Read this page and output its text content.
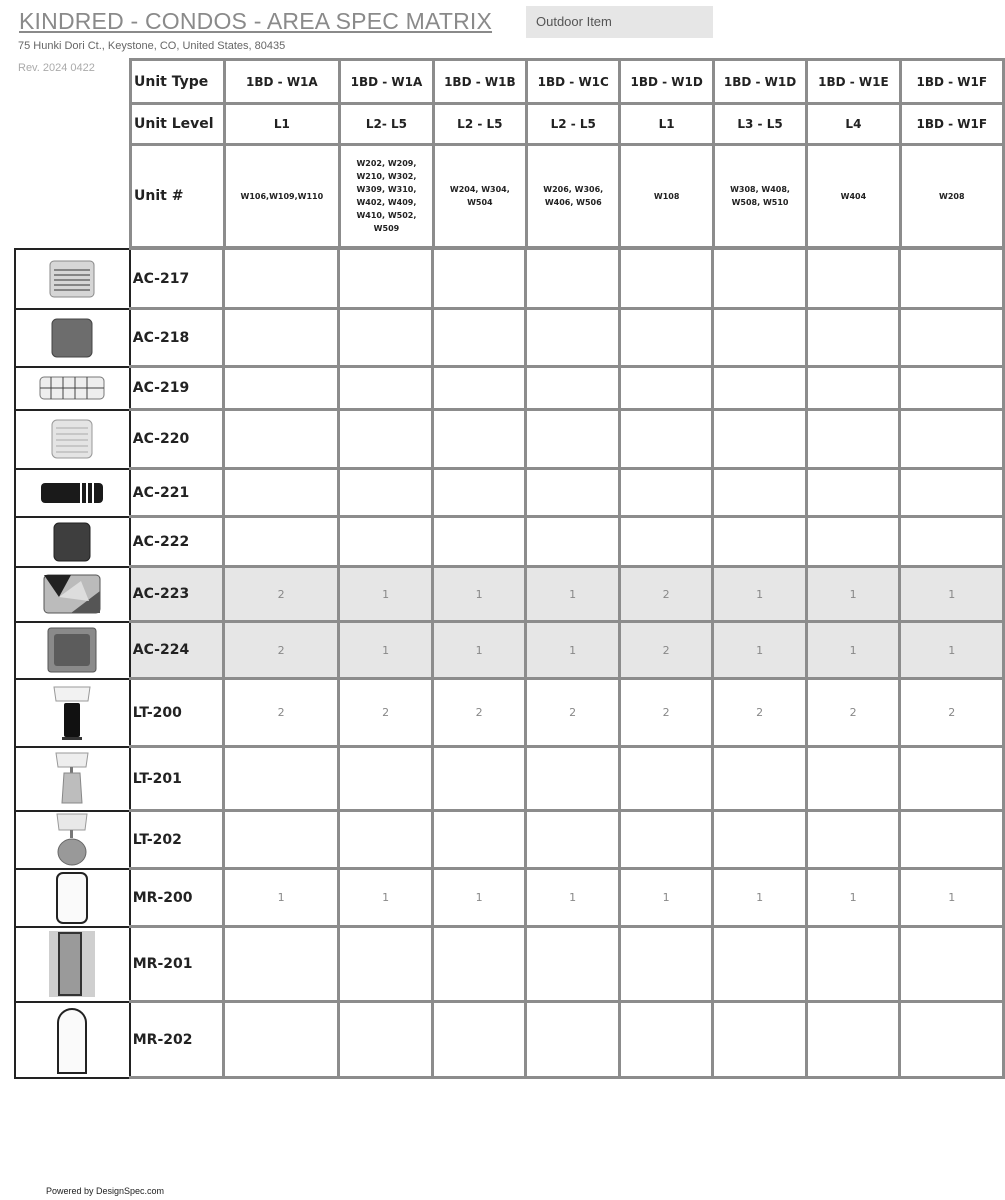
KINDRED - CONDOS - AREA SPEC MATRIX
75 Hunki Dori Ct., Keystone, CO, United States, 80435
Rev. 2024 0422
Outdoor Item
Unit Type	1BD - W1A	1BD - W1A	1BD - W1B	1BD - W1C	1BD - W1D	1BD - W1D	1BD - W1E	1BD - W1F
Unit Level	L1	L2- L5	L2 - L5	L2 - L5	L1	L3 - L5	L4	1BD - W1F
Unit #	W106,W109,W110	W202, W209, W210, W302, W309, W310, W402, W409, W410, W502, W509	W204, W304, W504	W206, W306, W406, W506	W108	W308, W408, W508, W510	W404	W208
	AC-217								

	AC-218								

	AC-219								

	AC-220								

	AC-221								

	AC-222								

	AC-223	2	1	1	1	2	1	1	1

	AC-224	2	1	1	1	2	1	1	1

	LT-200	2	2	2	2	2	2	2	2

	LT-201								

	LT-202								

	MR-200	1	1	1	1	1	1	1	1

	MR-201								

	MR-202								
Powered by DesignSpec.com
